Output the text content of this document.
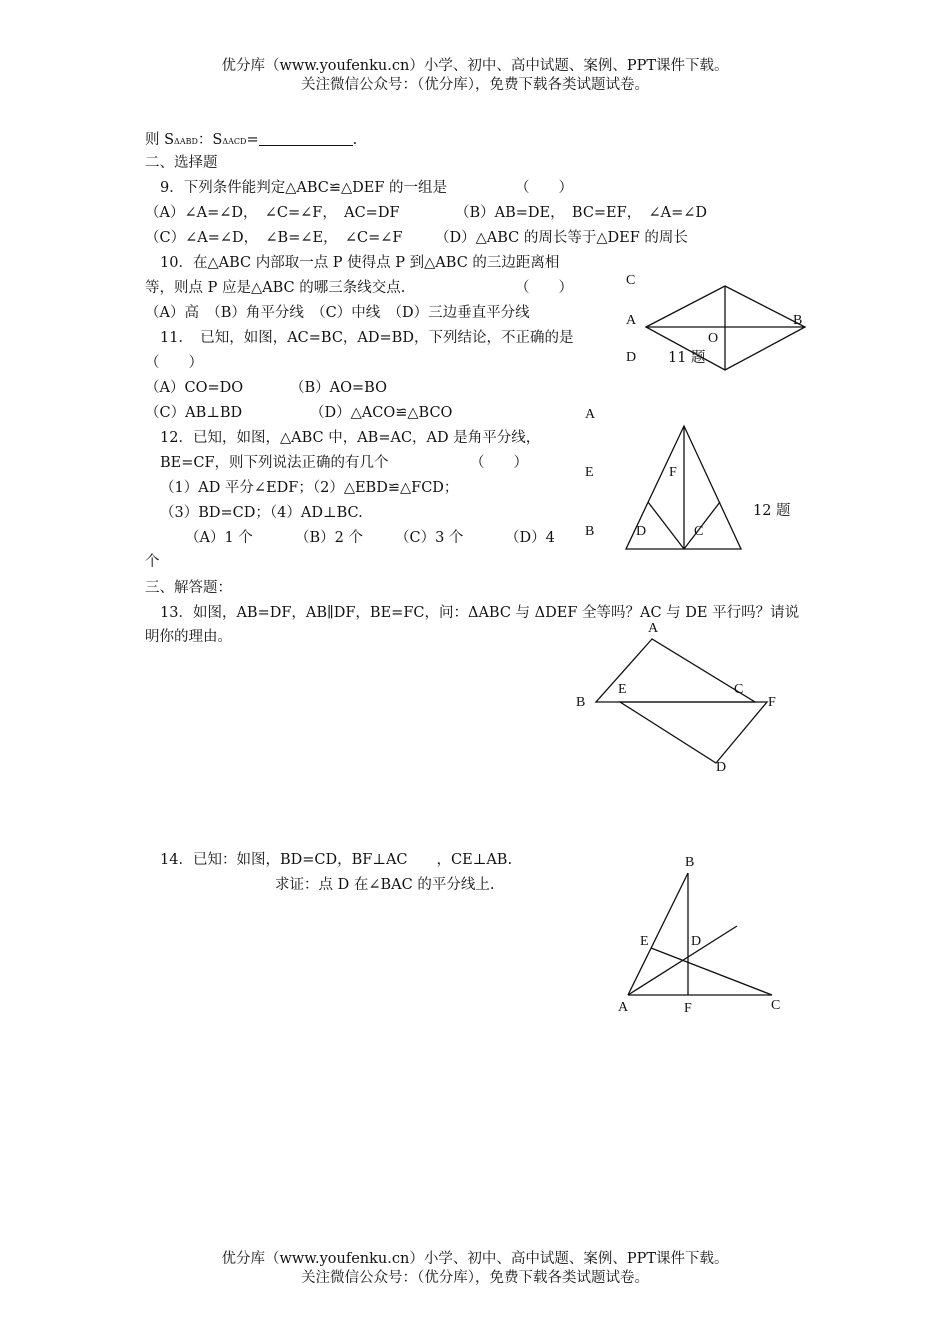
优分库（www.youfenku.cn）小学、初中、高中试题、案例、PPT课件下载。
关注微信公众号：（优分库），免费下载各类试题试卷。
则 SΔABD：SΔACD=	.
二、选择题
9．下列条件能判定△ABC≌△DEF 的一组是	（　　）
（A）∠A=∠D，　∠C=∠F，　AC=DF	（B）AB=DE，　BC=EF，　∠A=∠D
（C）∠A=∠D，　∠B=∠E，　∠C=∠F （D）△ABC 的周长等于△DEF 的周长
10．在△ABC 内部取一点 P 使得点 P 到△ABC 的三边距离相
等，则点 P 应是△ABC 的哪三条线交点.	（　　）
（A）高　（B）角平分线　（C）中线　（D）三边垂直平分线
11．　已知，如图，AC=BC，AD=BD，下列结论，不正确的是
（　　）
（A）CO=DO	（B）AO=BO
（C）AB⊥BD	（D）△ACO≌△BCO
12．已知，如图，△ABC 中，AB=AC，AD 是角平分线，
BE=CF，则下列说法正确的有几个	（　　）
（1）AD 平分∠EDF；（2）△EBD≌△FCD；
（3）BD=CD；（4）AD⊥BC.
（A）1 个	（B）2 个 （C）3 个	（D）4
个
三、解答题：
13．如图，AB=DF，AB∥DF，BE=FC，问：ΔABC 与 ΔDEF 全等吗？AC 与 DE 平行吗？请说
明你的理由。
14．已知：如图，BD=CD，BF⊥AC　　，CE⊥AB.
求证：点 D 在∠BAC 的平分线上.
C
A	B
O
D 11 题
A
E
B
F
D	C
12 题
A
B
E	C
F
D
B
E	D
A	F	C
优分库（www.youfenku.cn）小学、初中、高中试题、案例、PPT课件下载。
关注微信公众号：（优分库），免费下载各类试题试卷。
